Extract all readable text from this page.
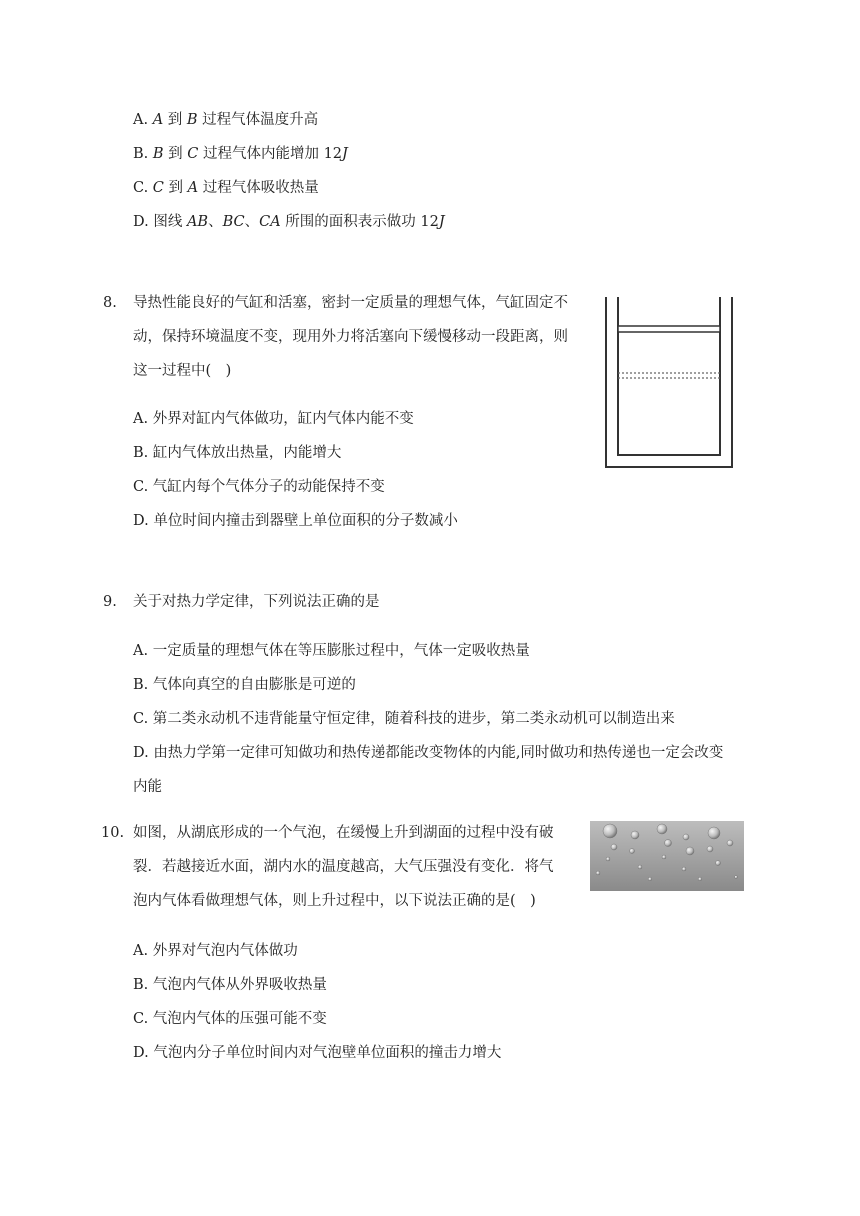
A. A 到 B 过程气体温度升高
B. B 到 C 过程气体内能增加 12J
C. C 到 A 过程气体吸收热量
D. 图线 AB、BC、CA 所围的面积表示做功 12J
8. 导热性能良好的气缸和活塞，密封一定质量的理想气体，气缸固定不
动，保持环境温度不变，现用外力将活塞向下缓慢移动一段距离，则
这一过程中(　)
A. 外界对缸内气体做功，缸内气体内能不变
B. 缸内气体放出热量，内能增大
C. 气缸内每个气体分子的动能保持不变
D. 单位时间内撞击到器壁上单位面积的分子数减小
9. 关于对热力学定律，下列说法正确的是
A. 一定质量的理想气体在等压膨胀过程中，气体一定吸收热量
B. 气体向真空的自由膨胀是可逆的
C. 第二类永动机不违背能量守恒定律，随着科技的进步，第二类永动机可以制造出来
D. 由热力学第一定律可知做功和热传递都能改变物体的内能,同时做功和热传递也一定会改变
内能
10. 如图，从湖底形成的一个气泡，在缓慢上升到湖面的过程中没有破
裂．若越接近水面，湖内水的温度越高，大气压强没有变化．将气
泡内气体看做理想气体，则上升过程中，以下说法正确的是(　)
A. 外界对气泡内气体做功
B. 气泡内气体从外界吸收热量
C. 气泡内气体的压强可能不变
D. 气泡内分子单位时间内对气泡壁单位面积的撞击力增大
